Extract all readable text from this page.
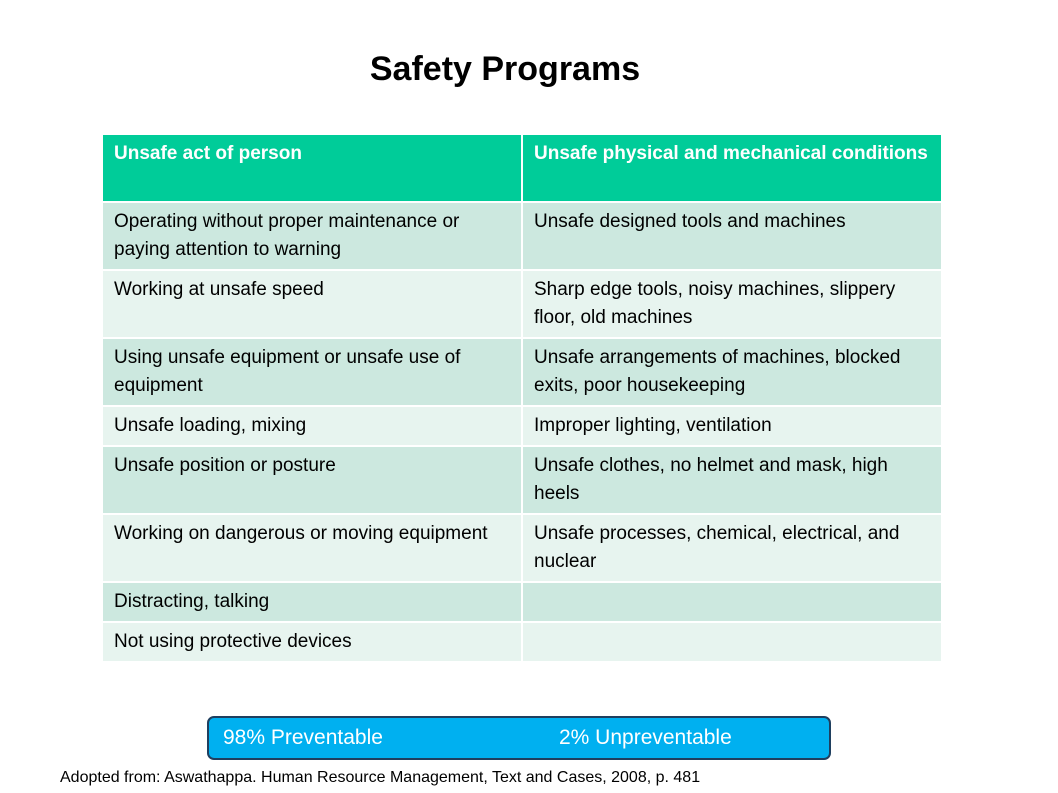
Safety Programs
Unsafe act of person	Unsafe physical and mechanical conditions
Operating without proper maintenance or paying attention to warning	Unsafe designed tools and machines
Working at unsafe speed	Sharp edge tools, noisy machines, slippery floor, old machines
Using unsafe equipment or unsafe use of equipment	Unsafe arrangements of machines, blocked exits, poor housekeeping
Unsafe loading, mixing	Improper lighting, ventilation
Unsafe position or posture	Unsafe clothes, no helmet and mask, high heels
Working on dangerous or moving equipment	Unsafe processes, chemical, electrical, and nuclear
Distracting, talking	
Not using protective devices	
98% Preventable	2% Unpreventable
Adopted from: Aswathappa. Human Resource Management, Text and Cases, 2008, p. 481
